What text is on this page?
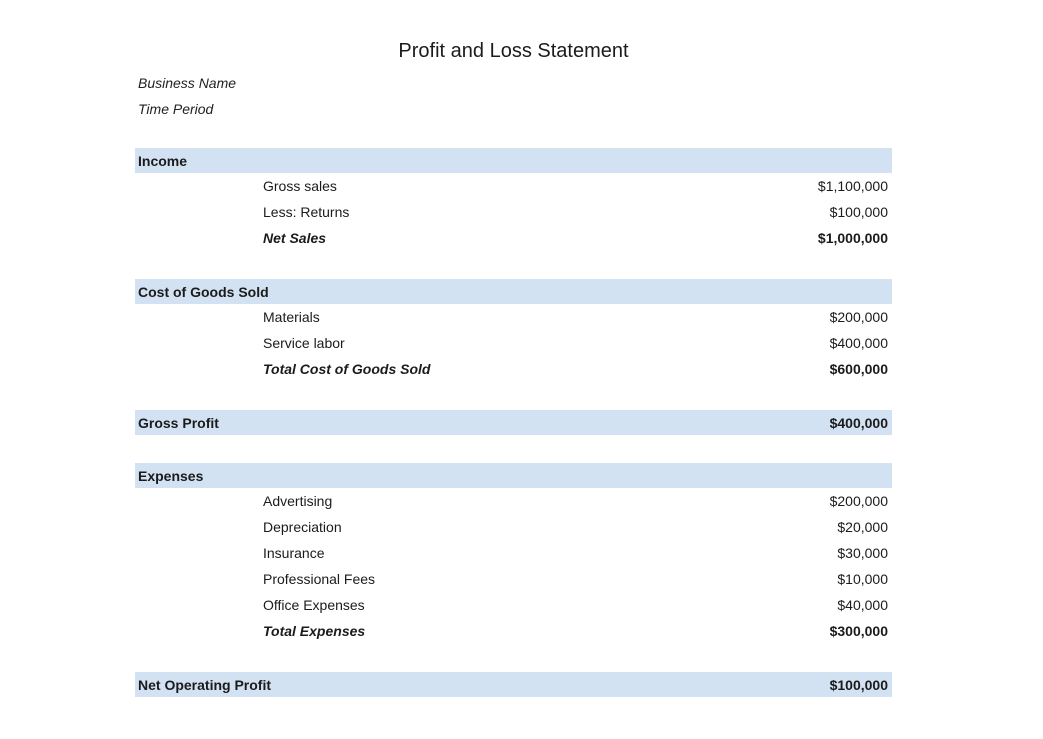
Profit and Loss Statement
Business Name
Time Period
Income
Gross sales	$1,100,000
Less: Returns	$100,000
Net Sales	$1,000,000
Cost of Goods Sold
Materials	$200,000
Service labor	$400,000
Total Cost of Goods Sold	$600,000
Gross Profit	$400,000
Expenses
Advertising	$200,000
Depreciation	$20,000
Insurance	$30,000
Professional Fees	$10,000
Office Expenses	$40,000
Total Expenses	$300,000
Net Operating Profit	$100,000
